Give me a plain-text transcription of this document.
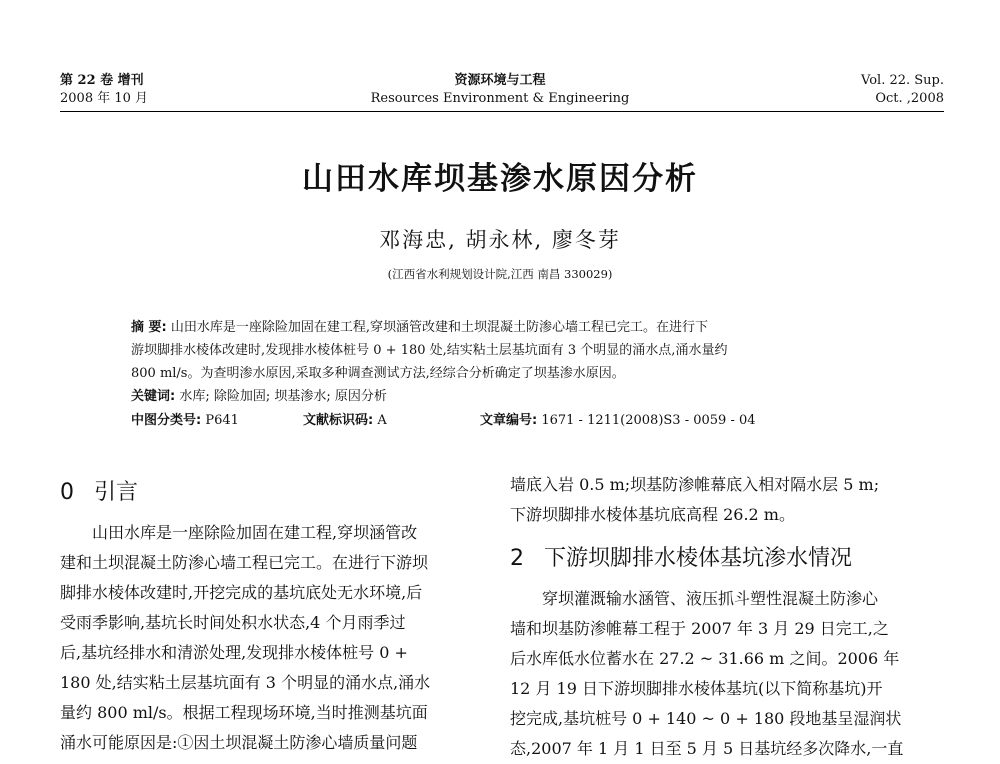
第 22 卷 增刊
2008 年 10 月
资源环境与工程
Resources Environment & Engineering
Vol. 22. Sup.
Oct. ,2008
山田水库坝基渗水原因分析
邓海忠, 胡永林, 廖冬芽
(江西省水利规划设计院,江西 南昌 330029)
摘 要: 山田水库是一座除险加固在建工程,穿坝涵管改建和土坝混凝土防渗心墙工程已完工。在进行下
游坝脚排水棱体改建时,发现排水棱体桩号 0 + 180 处,结实粘土层基坑面有 3 个明显的涌水点,涌水量约
800 ml/s。为查明渗水原因,采取多种调查测试方法,经综合分析确定了坝基渗水原因。
关键词: 水库; 除险加固; 坝基渗水; 原因分析
中图分类号: P641	文献标识码: A	文章编号: 1671 - 1211(2008)S3 - 0059 - 04
0 引言

山田水库是一座除险加固在建工程,穿坝涵管改

建和土坝混凝土防渗心墙工程已完工。在进行下游坝

脚排水棱体改建时,开挖完成的基坑底处无水环境,后

受雨季影响,基坑长时间处积水状态,4 个月雨季过

后,基坑经排水和清淤处理,发现排水棱体桩号 0 +

180 处,结实粘土层基坑面有 3 个明显的涌水点,涌水

量约 800 ml/s。根据工程现场环境,当时推测基坑面

涌水可能原因是:①因土坝混凝土防渗心墙质量问题

墙底入岩 0.5 m;坝基防渗帷幕底入相对隔水层 5 m;

下游坝脚排水棱体基坑底高程 26.2 m。

2 下游坝脚排水棱体基坑渗水情况

穿坝灌溉输水涵管、液压抓斗塑性混凝土防渗心

墙和坝基防渗帷幕工程于 2007 年 3 月 29 日完工,之

后水库低水位蓄水在 27.2 ~ 31.66 m 之间。2006 年

12 月 19 日下游坝脚排水棱体基坑(以下简称基坑)开

挖完成,基坑桩号 0 + 140 ~ 0 + 180 段地基呈湿润状

态,2007 年 1 月 1 日至 5 月 5 日基坑经多次降水,一直
